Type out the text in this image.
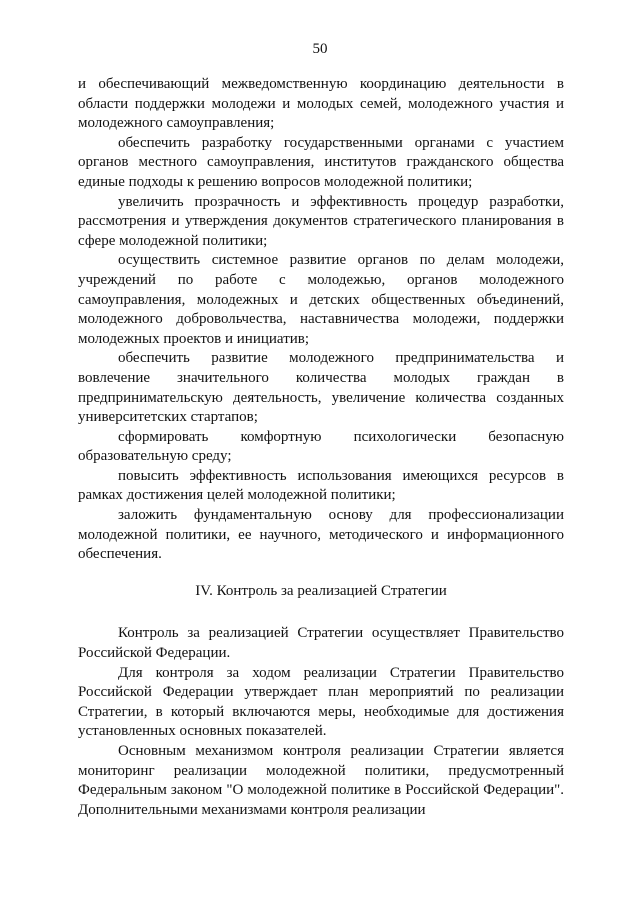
50

и обеспечивающий межведомственную координацию деятельности в области поддержки молодежи и молодых семей, молодежного участия и молодежного самоуправления;

обеспечить разработку государственными органами с участием органов местного самоуправления, институтов гражданского общества единые подходы к решению вопросов молодежной политики;

увеличить прозрачность и эффективность процедур разработки, рассмотрения и утверждения документов стратегического планирования в сфере молодежной политики;

осуществить системное развитие органов по делам молодежи, учреждений по работе с молодежью, органов молодежного самоуправления, молодежных и детских общественных объединений, молодежного добровольчества, наставничества молодежи, поддержки молодежных проектов и инициатив;

обеспечить развитие молодежного предпринимательства и вовлечение значительного количества молодых граждан в предпринимательскую деятельность, увеличение количества созданных университетских стартапов;

сформировать комфортную психологически безопасную образовательную среду;

повысить эффективность использования имеющихся ресурсов в рамках достижения целей молодежной политики;

заложить фундаментальную основу для профессионализации молодежной политики, ее научного, методического и информационного обеспечения.

IV. Контроль за реализацией Стратегии

Контроль за реализацией Стратегии осуществляет Правительство Российской Федерации.

Для контроля за ходом реализации Стратегии Правительство Российской Федерации утверждает план мероприятий по реализации Стратегии, в который включаются меры, необходимые для достижения установленных основных показателей.

Основным механизмом контроля реализации Стратегии является мониторинг реализации молодежной политики, предусмотренный Федеральным законом "О молодежной политике в Российской Федерации". Дополнительными механизмами контроля реализации
